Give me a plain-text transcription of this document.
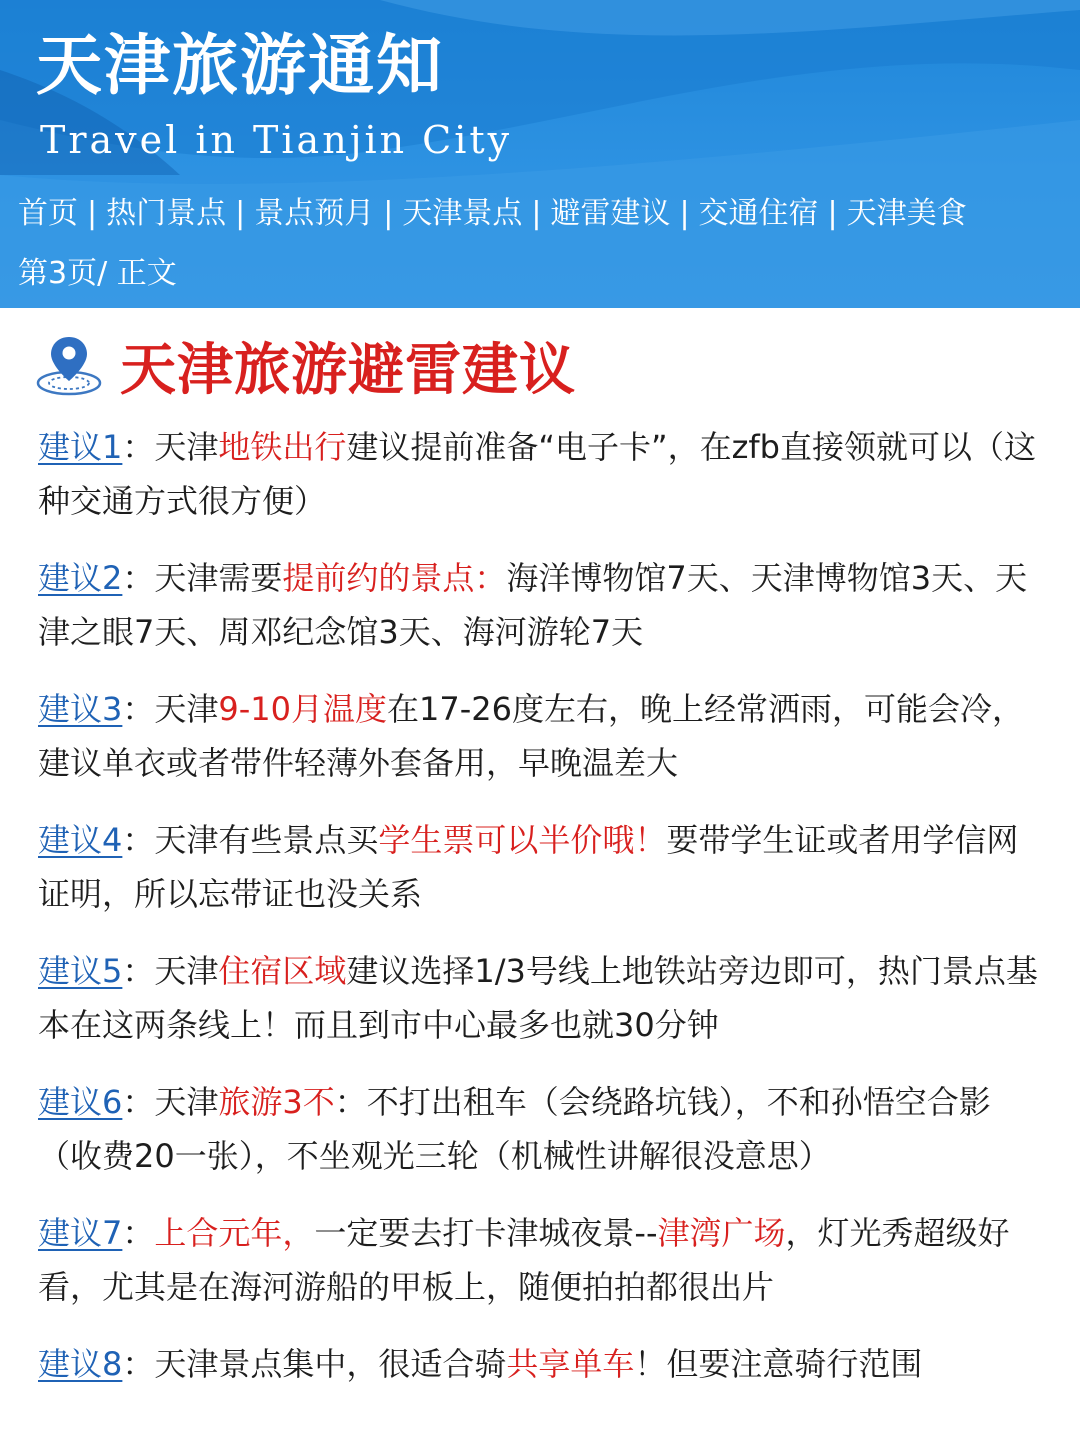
天津旅游通知
Travel in Tianjin City
首页 | 热门景点 | 景点预月 | 天津景点 | 避雷建议 | 交通住宿 | 天津美食
第3页/ 正文
天津旅游避雷建议

建议1：天津地铁出行建议提前准备“电子卡”，在zfb直接领就可以（这种交通方式很方便）

建议2：天津需要提前约的景点：海洋博物馆7天、天津博物馆3天、天津之眼7天、周邓纪念馆3天、海河游轮7天

建议3：天津9-10月温度在17-26度左右，晚上经常洒雨，可能会冷，建议单衣或者带件轻薄外套备用，早晚温差大

建议4：天津有些景点买学生票可以半价哦！要带学生证或者用学信网证明，所以忘带证也没关系

建议5：天津住宿区域建议选择1/3号线上地铁站旁边即可，热门景点基本在这两条线上！而且到市中心最多也就30分钟

建议6：天津旅游3不：不打出租车（会绕路坑钱），不和孙悟空合影（收费20一张），不坐观光三轮（机械性讲解很没意思）

建议7：上合元年，一定要去打卡津城夜景--津湾广场，灯光秀超级好看，尤其是在海河游船的甲板上，随便拍拍都很出片

建议8：天津景点集中，很适合骑共享单车！但要注意骑行范围
